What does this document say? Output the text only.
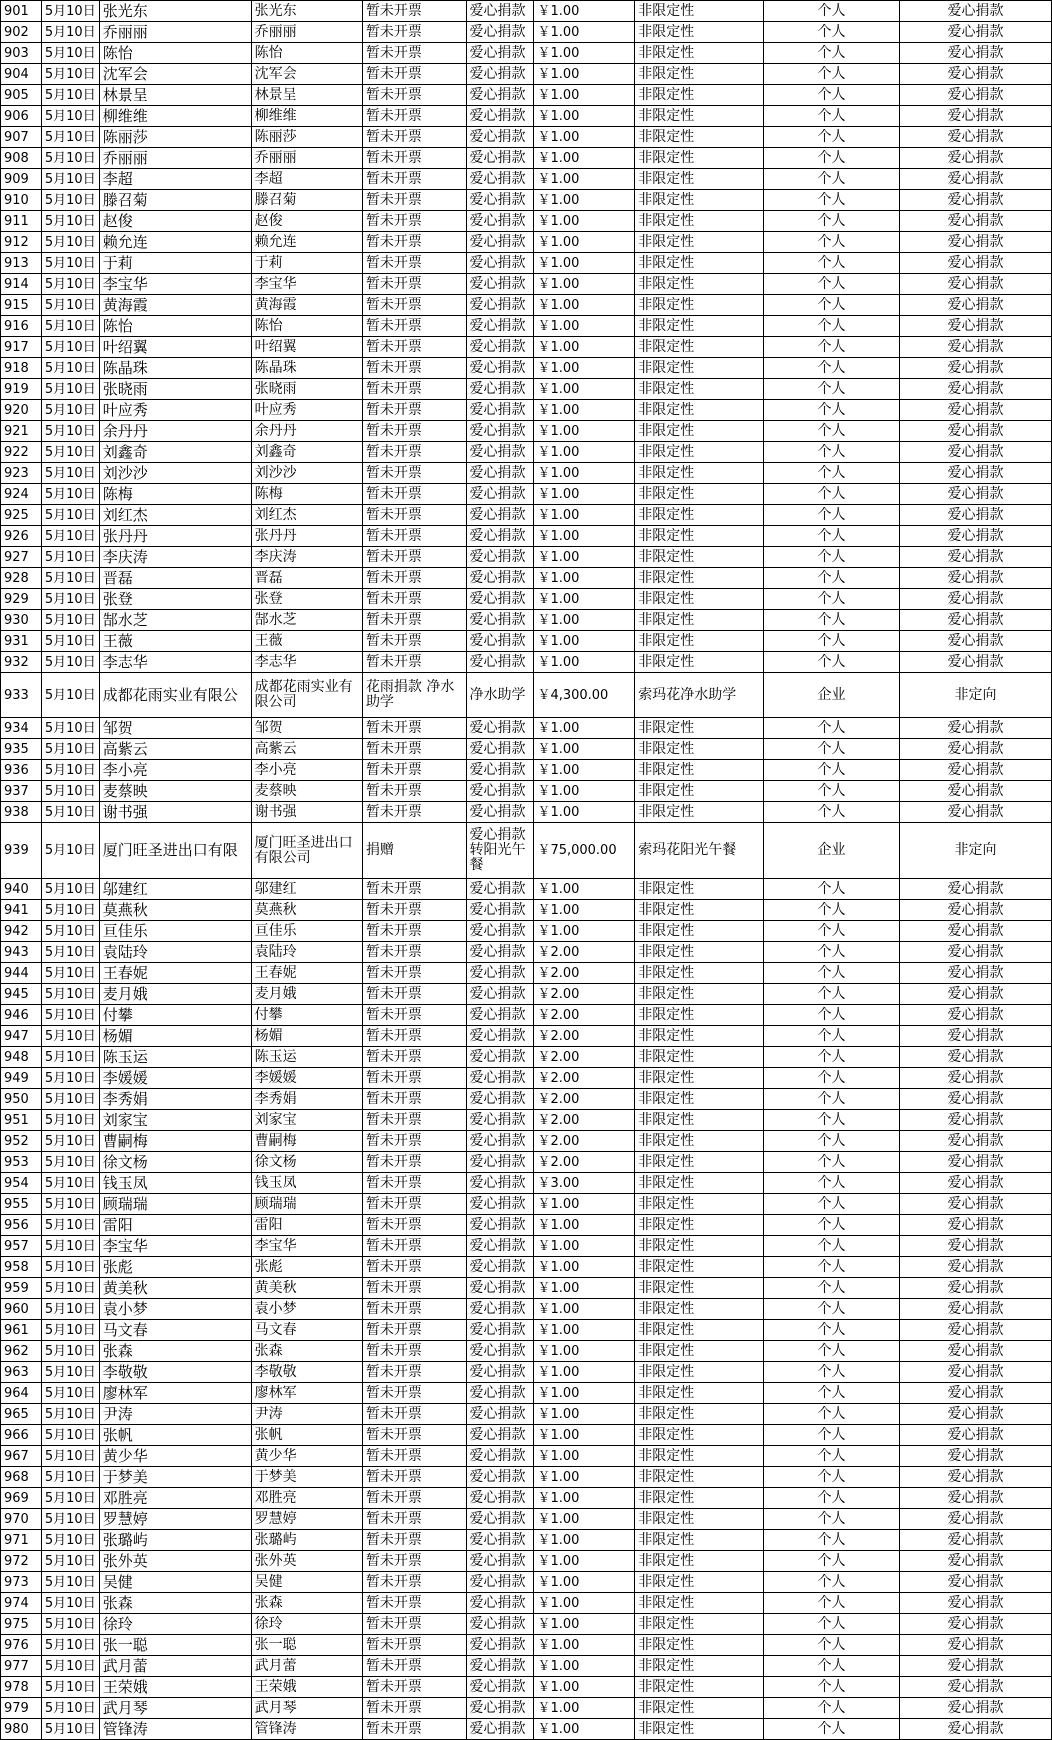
901	5月10日	张光东	张光东	暂未开票	爱心捐款	￥1.00	非限定性	个人	爱心捐款
902	5月10日	乔丽丽	乔丽丽	暂未开票	爱心捐款	￥1.00	非限定性	个人	爱心捐款
903	5月10日	陈怡	陈怡	暂未开票	爱心捐款	￥1.00	非限定性	个人	爱心捐款
904	5月10日	沈军会	沈军会	暂未开票	爱心捐款	￥1.00	非限定性	个人	爱心捐款
905	5月10日	林景呈	林景呈	暂未开票	爱心捐款	￥1.00	非限定性	个人	爱心捐款
906	5月10日	柳维维	柳维维	暂未开票	爱心捐款	￥1.00	非限定性	个人	爱心捐款
907	5月10日	陈丽莎	陈丽莎	暂未开票	爱心捐款	￥1.00	非限定性	个人	爱心捐款
908	5月10日	乔丽丽	乔丽丽	暂未开票	爱心捐款	￥1.00	非限定性	个人	爱心捐款
909	5月10日	李超	李超	暂未开票	爱心捐款	￥1.00	非限定性	个人	爱心捐款
910	5月10日	滕召菊	滕召菊	暂未开票	爱心捐款	￥1.00	非限定性	个人	爱心捐款
911	5月10日	赵俊	赵俊	暂未开票	爱心捐款	￥1.00	非限定性	个人	爱心捐款
912	5月10日	赖允连	赖允连	暂未开票	爱心捐款	￥1.00	非限定性	个人	爱心捐款
913	5月10日	于莉	于莉	暂未开票	爱心捐款	￥1.00	非限定性	个人	爱心捐款
914	5月10日	李宝华	李宝华	暂未开票	爱心捐款	￥1.00	非限定性	个人	爱心捐款
915	5月10日	黄海霞	黄海霞	暂未开票	爱心捐款	￥1.00	非限定性	个人	爱心捐款
916	5月10日	陈怡	陈怡	暂未开票	爱心捐款	￥1.00	非限定性	个人	爱心捐款
917	5月10日	叶绍翼	叶绍翼	暂未开票	爱心捐款	￥1.00	非限定性	个人	爱心捐款
918	5月10日	陈晶珠	陈晶珠	暂未开票	爱心捐款	￥1.00	非限定性	个人	爱心捐款
919	5月10日	张晓雨	张晓雨	暂未开票	爱心捐款	￥1.00	非限定性	个人	爱心捐款
920	5月10日	叶应秀	叶应秀	暂未开票	爱心捐款	￥1.00	非限定性	个人	爱心捐款
921	5月10日	余丹丹	余丹丹	暂未开票	爱心捐款	￥1.00	非限定性	个人	爱心捐款
922	5月10日	刘鑫奇	刘鑫奇	暂未开票	爱心捐款	￥1.00	非限定性	个人	爱心捐款
923	5月10日	刘沙沙	刘沙沙	暂未开票	爱心捐款	￥1.00	非限定性	个人	爱心捐款
924	5月10日	陈梅	陈梅	暂未开票	爱心捐款	￥1.00	非限定性	个人	爱心捐款
925	5月10日	刘红杰	刘红杰	暂未开票	爱心捐款	￥1.00	非限定性	个人	爱心捐款
926	5月10日	张丹丹	张丹丹	暂未开票	爱心捐款	￥1.00	非限定性	个人	爱心捐款
927	5月10日	李庆涛	李庆涛	暂未开票	爱心捐款	￥1.00	非限定性	个人	爱心捐款
928	5月10日	晋磊	晋磊	暂未开票	爱心捐款	￥1.00	非限定性	个人	爱心捐款
929	5月10日	张登	张登	暂未开票	爱心捐款	￥1.00	非限定性	个人	爱心捐款
930	5月10日	郜水芝	郜水芝	暂未开票	爱心捐款	￥1.00	非限定性	个人	爱心捐款
931	5月10日	王薇	王薇	暂未开票	爱心捐款	￥1.00	非限定性	个人	爱心捐款
932	5月10日	李志华	李志华	暂未开票	爱心捐款	￥1.00	非限定性	个人	爱心捐款
933	5月10日	成都花雨实业有限公	成都花雨实业有限公司	花雨捐款 净水助学	净水助学	￥4,300.00	索玛花净水助学	企业	非定向
934	5月10日	邹贺	邹贺	暂未开票	爱心捐款	￥1.00	非限定性	个人	爱心捐款
935	5月10日	高紫云	高紫云	暂未开票	爱心捐款	￥1.00	非限定性	个人	爱心捐款
936	5月10日	李小亮	李小亮	暂未开票	爱心捐款	￥1.00	非限定性	个人	爱心捐款
937	5月10日	麦蔡映	麦蔡映	暂未开票	爱心捐款	￥1.00	非限定性	个人	爱心捐款
938	5月10日	谢书强	谢书强	暂未开票	爱心捐款	￥1.00	非限定性	个人	爱心捐款
939	5月10日	厦门旺圣进出口有限	厦门旺圣进出口有限公司	捐赠	爱心捐款转阳光午餐	￥75,000.00	索玛花阳光午餐	企业	非定向
940	5月10日	邬建红	邬建红	暂未开票	爱心捐款	￥1.00	非限定性	个人	爱心捐款
941	5月10日	莫燕秋	莫燕秋	暂未开票	爱心捐款	￥1.00	非限定性	个人	爱心捐款
942	5月10日	亘佳乐	亘佳乐	暂未开票	爱心捐款	￥1.00	非限定性	个人	爱心捐款
943	5月10日	袁陆玲	袁陆玲	暂未开票	爱心捐款	￥2.00	非限定性	个人	爱心捐款
944	5月10日	王春妮	王春妮	暂未开票	爱心捐款	￥2.00	非限定性	个人	爱心捐款
945	5月10日	麦月娥	麦月娥	暂未开票	爱心捐款	￥2.00	非限定性	个人	爱心捐款
946	5月10日	付攀	付攀	暂未开票	爱心捐款	￥2.00	非限定性	个人	爱心捐款
947	5月10日	杨媚	杨媚	暂未开票	爱心捐款	￥2.00	非限定性	个人	爱心捐款
948	5月10日	陈玉运	陈玉运	暂未开票	爱心捐款	￥2.00	非限定性	个人	爱心捐款
949	5月10日	李媛媛	李媛媛	暂未开票	爱心捐款	￥2.00	非限定性	个人	爱心捐款
950	5月10日	李秀娟	李秀娟	暂未开票	爱心捐款	￥2.00	非限定性	个人	爱心捐款
951	5月10日	刘家宝	刘家宝	暂未开票	爱心捐款	￥2.00	非限定性	个人	爱心捐款
952	5月10日	曹嗣梅	曹嗣梅	暂未开票	爱心捐款	￥2.00	非限定性	个人	爱心捐款
953	5月10日	徐文杨	徐文杨	暂未开票	爱心捐款	￥2.00	非限定性	个人	爱心捐款
954	5月10日	钱玉凤	钱玉凤	暂未开票	爱心捐款	￥3.00	非限定性	个人	爱心捐款
955	5月10日	顾瑞瑞	顾瑞瑞	暂未开票	爱心捐款	￥1.00	非限定性	个人	爱心捐款
956	5月10日	雷阳	雷阳	暂未开票	爱心捐款	￥1.00	非限定性	个人	爱心捐款
957	5月10日	李宝华	李宝华	暂未开票	爱心捐款	￥1.00	非限定性	个人	爱心捐款
958	5月10日	张彪	张彪	暂未开票	爱心捐款	￥1.00	非限定性	个人	爱心捐款
959	5月10日	黄美秋	黄美秋	暂未开票	爱心捐款	￥1.00	非限定性	个人	爱心捐款
960	5月10日	袁小梦	袁小梦	暂未开票	爱心捐款	￥1.00	非限定性	个人	爱心捐款
961	5月10日	马文春	马文春	暂未开票	爱心捐款	￥1.00	非限定性	个人	爱心捐款
962	5月10日	张森	张森	暂未开票	爱心捐款	￥1.00	非限定性	个人	爱心捐款
963	5月10日	李敬敬	李敬敬	暂未开票	爱心捐款	￥1.00	非限定性	个人	爱心捐款
964	5月10日	廖林军	廖林军	暂未开票	爱心捐款	￥1.00	非限定性	个人	爱心捐款
965	5月10日	尹涛	尹涛	暂未开票	爱心捐款	￥1.00	非限定性	个人	爱心捐款
966	5月10日	张帆	张帆	暂未开票	爱心捐款	￥1.00	非限定性	个人	爱心捐款
967	5月10日	黄少华	黄少华	暂未开票	爱心捐款	￥1.00	非限定性	个人	爱心捐款
968	5月10日	于梦美	于梦美	暂未开票	爱心捐款	￥1.00	非限定性	个人	爱心捐款
969	5月10日	邓胜亮	邓胜亮	暂未开票	爱心捐款	￥1.00	非限定性	个人	爱心捐款
970	5月10日	罗慧婷	罗慧婷	暂未开票	爱心捐款	￥1.00	非限定性	个人	爱心捐款
971	5月10日	张璐屿	张璐屿	暂未开票	爱心捐款	￥1.00	非限定性	个人	爱心捐款
972	5月10日	张外英	张外英	暂未开票	爱心捐款	￥1.00	非限定性	个人	爱心捐款
973	5月10日	吴健	吴健	暂未开票	爱心捐款	￥1.00	非限定性	个人	爱心捐款
974	5月10日	张森	张森	暂未开票	爱心捐款	￥1.00	非限定性	个人	爱心捐款
975	5月10日	徐玲	徐玲	暂未开票	爱心捐款	￥1.00	非限定性	个人	爱心捐款
976	5月10日	张一聪	张一聪	暂未开票	爱心捐款	￥1.00	非限定性	个人	爱心捐款
977	5月10日	武月蕾	武月蕾	暂未开票	爱心捐款	￥1.00	非限定性	个人	爱心捐款
978	5月10日	王荣娥	王荣娥	暂未开票	爱心捐款	￥1.00	非限定性	个人	爱心捐款
979	5月10日	武月琴	武月琴	暂未开票	爱心捐款	￥1.00	非限定性	个人	爱心捐款
980	5月10日	管锋涛	管锋涛	暂未开票	爱心捐款	￥1.00	非限定性	个人	爱心捐款
